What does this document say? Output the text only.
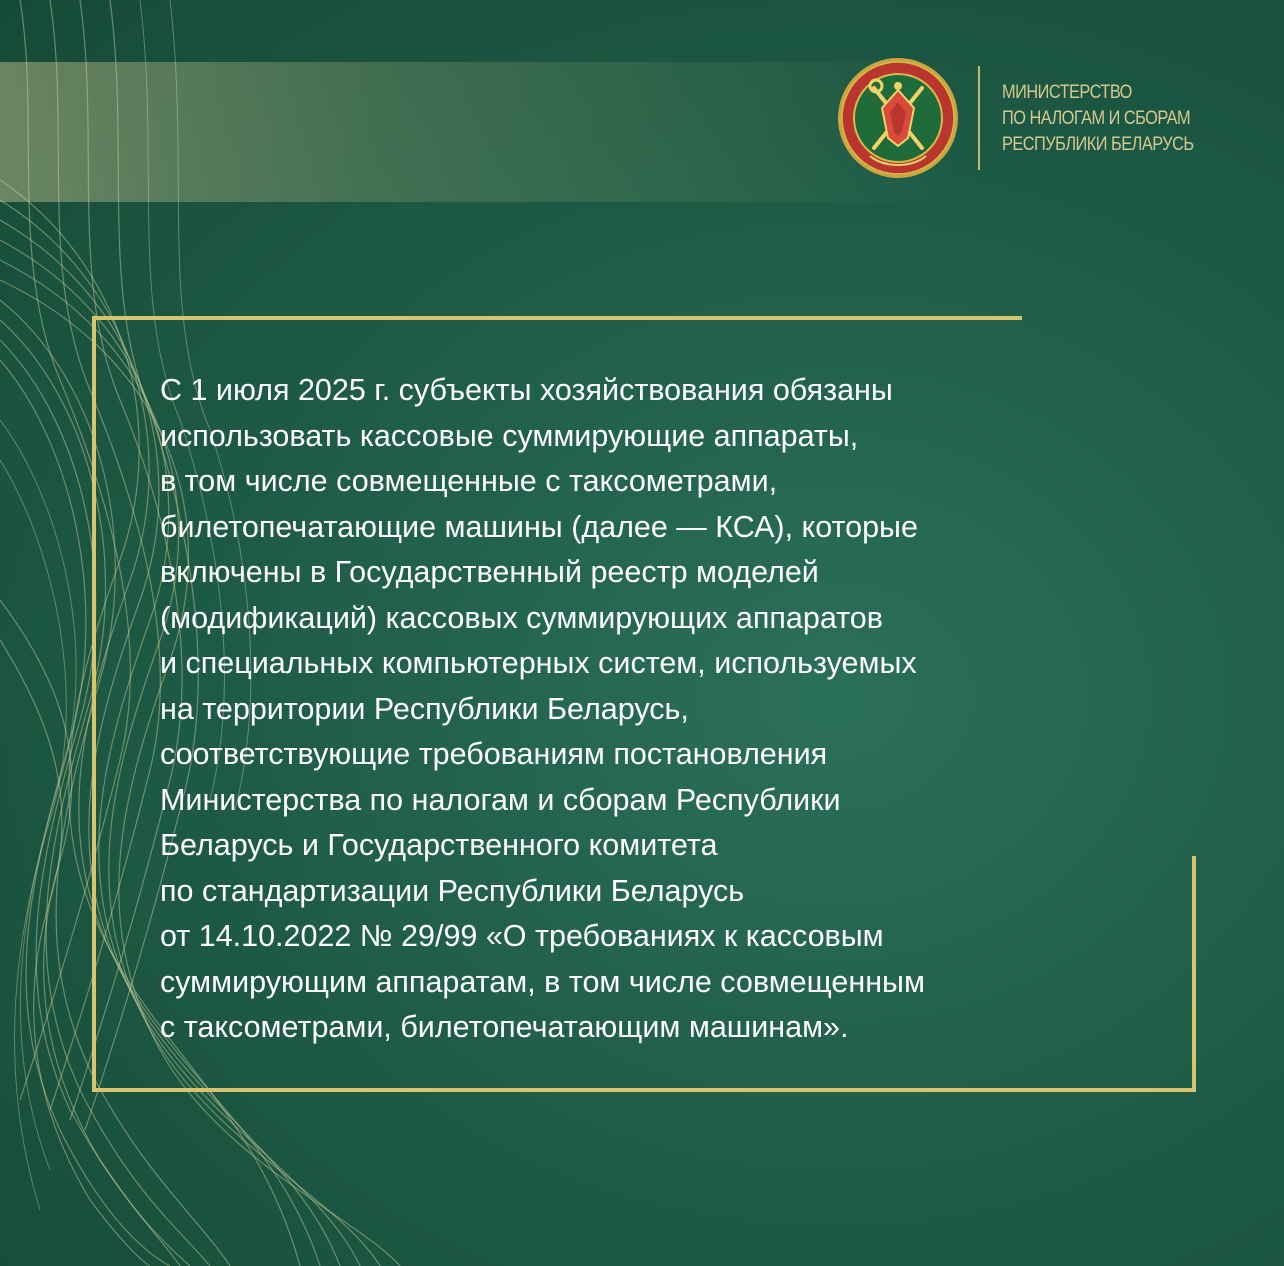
МИНИСТЕРСТВО
ПО НАЛОГАМ И СБОРАМ
РЕСПУБЛИКИ БЕЛАРУСЬ
С 1 июля 2025 г. субъекты хозяйствования обязаны
использовать кассовые суммирующие аппараты,
в том числе совмещенные с таксометрами,
билетопечатающие машины (далее — КСА), которые
включены в Государственный реестр моделей
(модификаций) кассовых суммирующих аппаратов
и специальных компьютерных систем, используемых
на территории Республики Беларусь,
соответствующие требованиям постановления
Министерства по налогам и сборам Республики
Беларусь и Государственного комитета
по стандартизации Республики Беларусь
от 14.10.2022 № 29/99 «О требованиях к кассовым
суммирующим аппаратам, в том числе совмещенным
с таксометрами, билетопечатающим машинам».
